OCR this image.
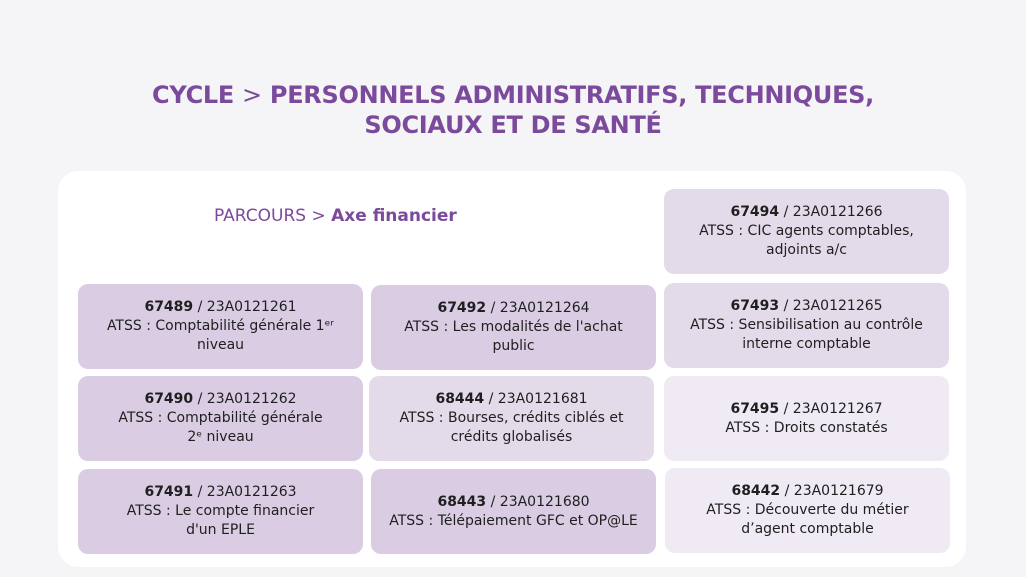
CYCLE > PERSONNELS ADMINISTRATIFS, TECHNIQUES,
SOCIAUX ET DE SANTÉ
PARCOURS > Axe financier	67494 / 23A0121266

ATSS : CIC agents comptables,

adjoints a/c

67489 / 23A0121261

ATSS : Comptabilité générale 1ᵉʳ

niveau

67492 / 23A0121264

ATSS : Les modalités de l'achat

public

67493 / 23A0121265

ATSS : Sensibilisation au contrôle

interne comptable

67490 / 23A0121262

ATSS : Comptabilité générale

2ᵉ niveau

68444 / 23A0121681

ATSS : Bourses, crédits ciblés et

crédits globalisés

67495 / 23A0121267

ATSS : Droits constatés

67491 / 23A0121263

ATSS : Le compte financier

d'un EPLE

68443 / 23A0121680

ATSS : Télépaiement GFC et OP@LE

68442 / 23A0121679

ATSS : Découverte du métier

d’agent comptable
